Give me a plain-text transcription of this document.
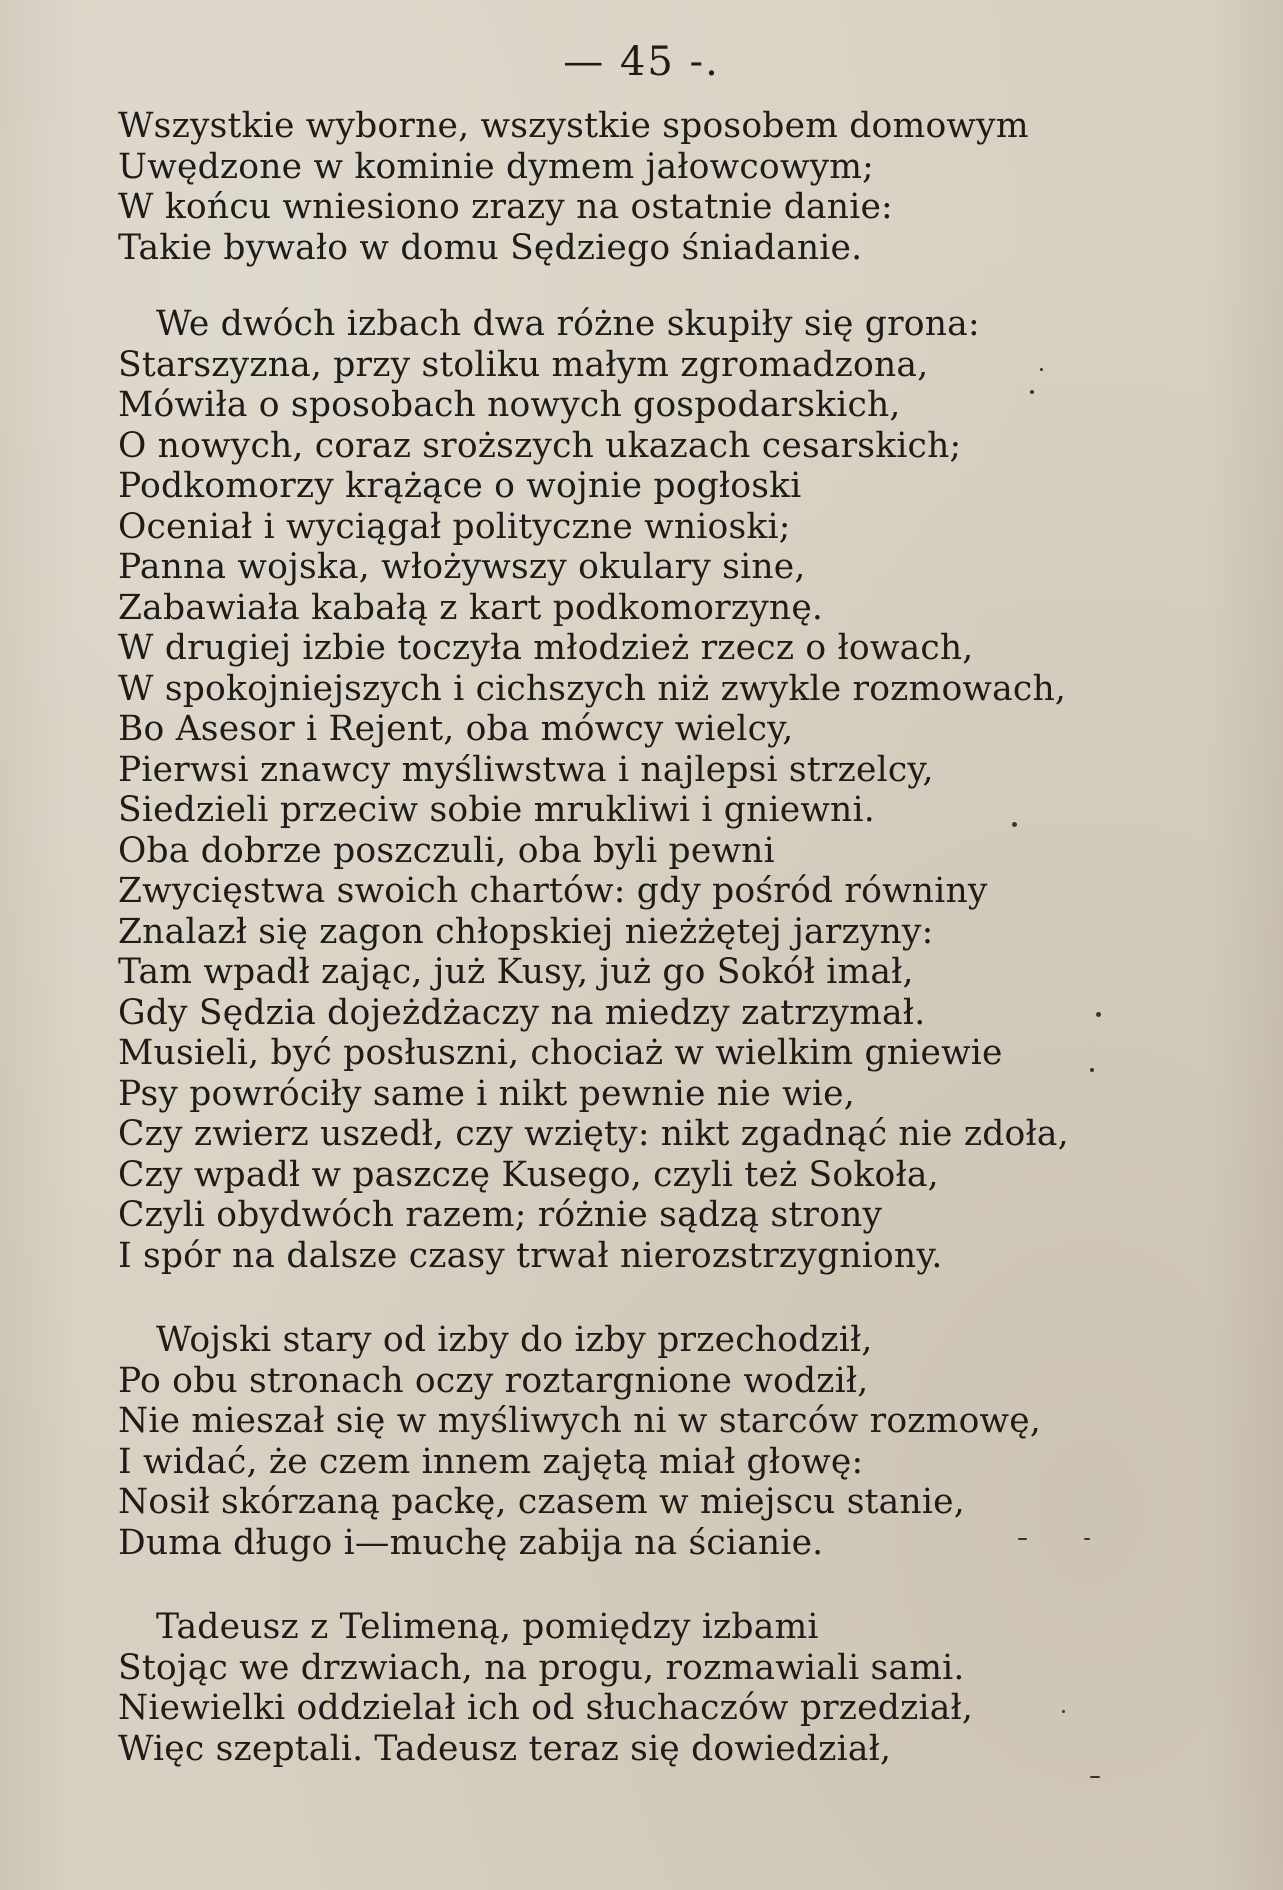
— 45 -.
Wszystkie wyborne, wszystkie sposobem domowym
Uwędzone w kominie dymem jałowcowym;
W końcu wniesiono zrazy na ostatnie danie:
Takie bywało w domu Sędziego śniadanie.
We dwóch izbach dwa różne skupiły się grona:
Starszyzna, przy stoliku małym zgromadzona,
Mówiła o sposobach nowych gospodarskich,
O nowych, coraz sroższych ukazach cesarskich;
Podkomorzy krążące o wojnie pogłoski
Oceniał i wyciągał polityczne wnioski;
Panna wojska, włożywszy okulary sine,
Zabawiała kabałą z kart podkomorzynę.
W drugiej izbie toczyła młodzież rzecz o łowach,
W spokojniejszych i cichszych niż zwykle rozmowach,
Bo Asesor i Rejent, oba mówcy wielcy,
Pierwsi znawcy myśliwstwa i najlepsi strzelcy,
Siedzieli przeciw sobie mrukliwi i gniewni.
Oba dobrze poszczuli, oba byli pewni
Zwycięstwa swoich chartów: gdy pośród równiny
Znalazł się zagon chłopskiej nieżżętej jarzyny:
Tam wpadł zając, już Kusy, już go Sokół imał,
Gdy Sędzia dojeżdżaczy na miedzy zatrzymał.
Musieli, być posłuszni, chociaż w wielkim gniewie
Psy powróciły same i nikt pewnie nie wie,
Czy zwierz uszedł, czy wzięty: nikt zgadnąć nie zdoła,
Czy wpadł w paszczę Kusego, czyli też Sokoła,
Czyli obydwóch razem; różnie sądzą strony
I spór na dalsze czasy trwał nierozstrzygniony.
Wojski stary od izby do izby przechodził,
Po obu stronach oczy roztargnione wodził,
Nie mieszał się w myśliwych ni w starców rozmowę,
I widać, że czem innem zajętą miał głowę:
Nosił skórzaną packę, czasem w miejscu stanie,
Duma długo i—muchę zabija na ścianie.
Tadeusz z Telimeną, pomiędzy izbami
Stojąc we drzwiach, na progu, rozmawiali sami.
Niewielki oddzielał ich od słuchaczów przedział,
Więc szeptali. Tadeusz teraz się dowiedział,
